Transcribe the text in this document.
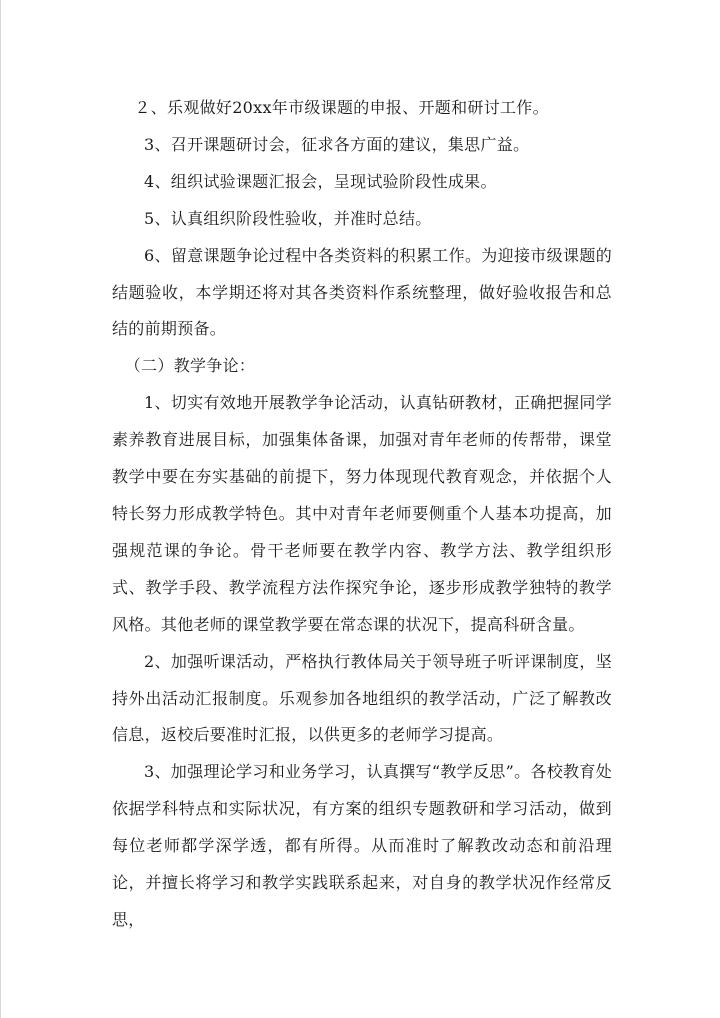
２、乐观做好20xx年市级课题的申报、开题和研讨工作。

3、召开课题研讨会，征求各方面的建议，集思广益。

4、组织试验课题汇报会，呈现试验阶段性成果。

5、认真组织阶段性验收，并准时总结。

6、留意课题争论过程中各类资料的积累工作。为迎接市级课题的结题验收，本学期还将对其各类资料作系统整理，做好验收报告和总结的前期预备。

（二）教学争论：

1、切实有效地开展教学争论活动，认真钻研教材，正确把握同学素养教育进展目标，加强集体备课，加强对青年老师的传帮带，课堂教学中要在夯实基础的前提下，努力体现现代教育观念，并依据个人特长努力形成教学特色。其中对青年老师要侧重个人基本功提高，加强规范课的争论。骨干老师要在教学内容、教学方法、教学组织形式、教学手段、教学流程方法作探究争论，逐步形成教学独特的教学风格。其他老师的课堂教学要在常态课的状况下，提高科研含量。

2、加强听课活动，严格执行教体局关于领导班子听评课制度，坚持外出活动汇报制度。乐观参加各地组织的教学活动，广泛了解教改信息，返校后要准时汇报，以供更多的老师学习提高。

3、加强理论学习和业务学习，认真撰写“教学反思”。各校教育处依据学科特点和实际状况，有方案的组织专题教研和学习活动，做到每位老师都学深学透，都有所得。从而准时了解教改动态和前沿理论，并擅长将学习和教学实践联系起来，对自身的教学状况作经常反思，
